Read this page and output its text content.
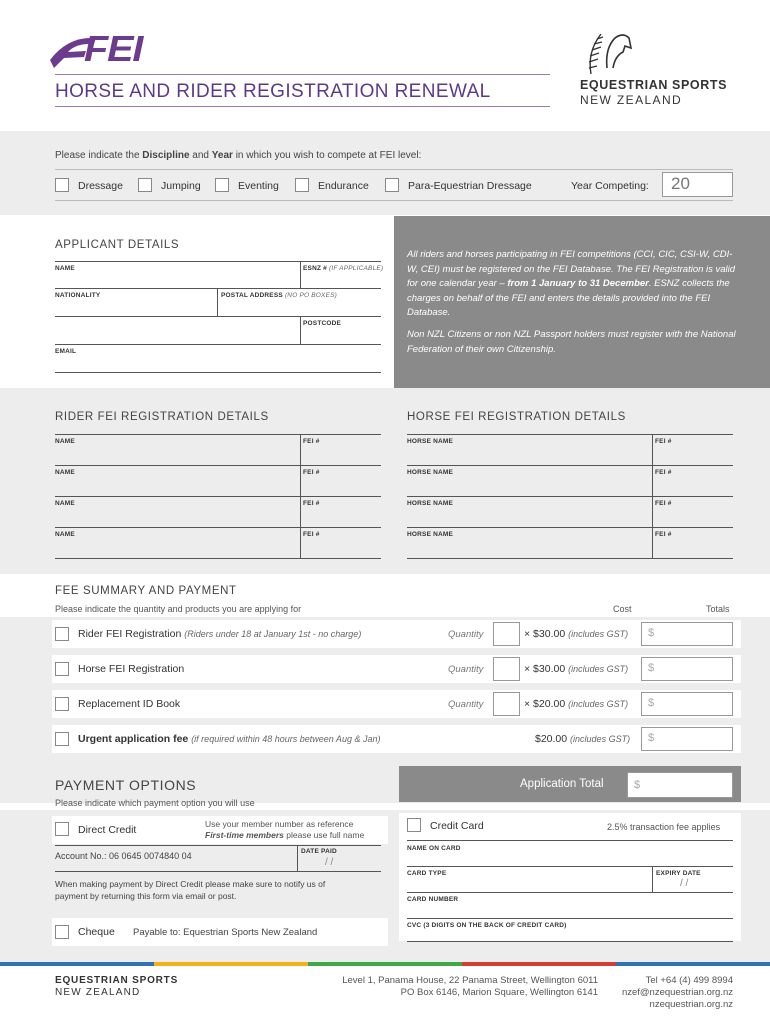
FEI
HORSE AND RIDER REGISTRATION RENEWAL	EQUESTRIAN SPORTS
NEW ZEALAND
Please indicate the Discipline and Year in which you wish to compete at FEI level:
Dressage	Jumping	Eventing	Endurance	Para-Equestrian Dressage	Year Competing: 20
APPLICANT DETAILS
NAME	ESNZ # (IF APPLICABLE)
NATIONALITY	POSTAL ADDRESS (NO PO BOXES)
POSTCODE
EMAIL
All riders and horses participating in FEI competitions (CCI, CIC, CSI-W, CDI-W, CEI) must be registered on the FEI Database. The FEI Registration is valid for one calendar year – from 1 January to 31 December. ESNZ collects the charges on behalf of the FEI and enters the details provided into the FEI Database.
Non NZL Citizens or non NZL Passport holders must register with the National Federation of their own Citizenship.
RIDER FEI REGISTRATION DETAILS	HORSE FEI REGISTRATION DETAILS
NAME	FEI #
NAME	FEI #
NAME	FEI #
NAME	FEI #
HORSE NAME	FEI #
HORSE NAME	FEI #
HORSE NAME	FEI #
HORSE NAME	FEI #
FEE SUMMARY AND PAYMENT
Please indicate the quantity and products you are applying for	Cost	Totals
Rider FEI Registration (Riders under 18 at January 1st - no charge)	Quantity	× $30.00 (includes GST) $
Horse FEI Registration	Quantity	× $30.00 (includes GST) $
Replacement ID Book	Quantity	× $20.00 (includes GST) $
Urgent application fee (if required within 48 hours between Aug & Jan)	$20.00 (includes GST) $
PAYMENT OPTIONS
Please indicate which payment option you will use
Application Total	$
Direct Credit	Use your member number as reference
First-time members please use full name
Account No.: 06 0645 0074840 04	DATE PAID
/ /
When making payment by Direct Credit please make sure to notify us of payment by returning this form via email or post.
Cheque Payable to: Equestrian Sports New Zealand
Credit Card	2.5% transaction fee applies
NAME ON CARD
CARD TYPE	EXPIRY DATE
/ /
CARD NUMBER
CVC (3 DIGITS ON THE BACK OF CREDIT CARD)
EQUESTRIAN SPORTS
NEW ZEALAND
Level 1, Panama House, 22 Panama Street, Wellington 6011
PO Box 6146, Marion Square, Wellington 6141
Tel +64 (4) 499 8994
nzef@nzequestrian.org.nz
nzequestrian.org.nz
